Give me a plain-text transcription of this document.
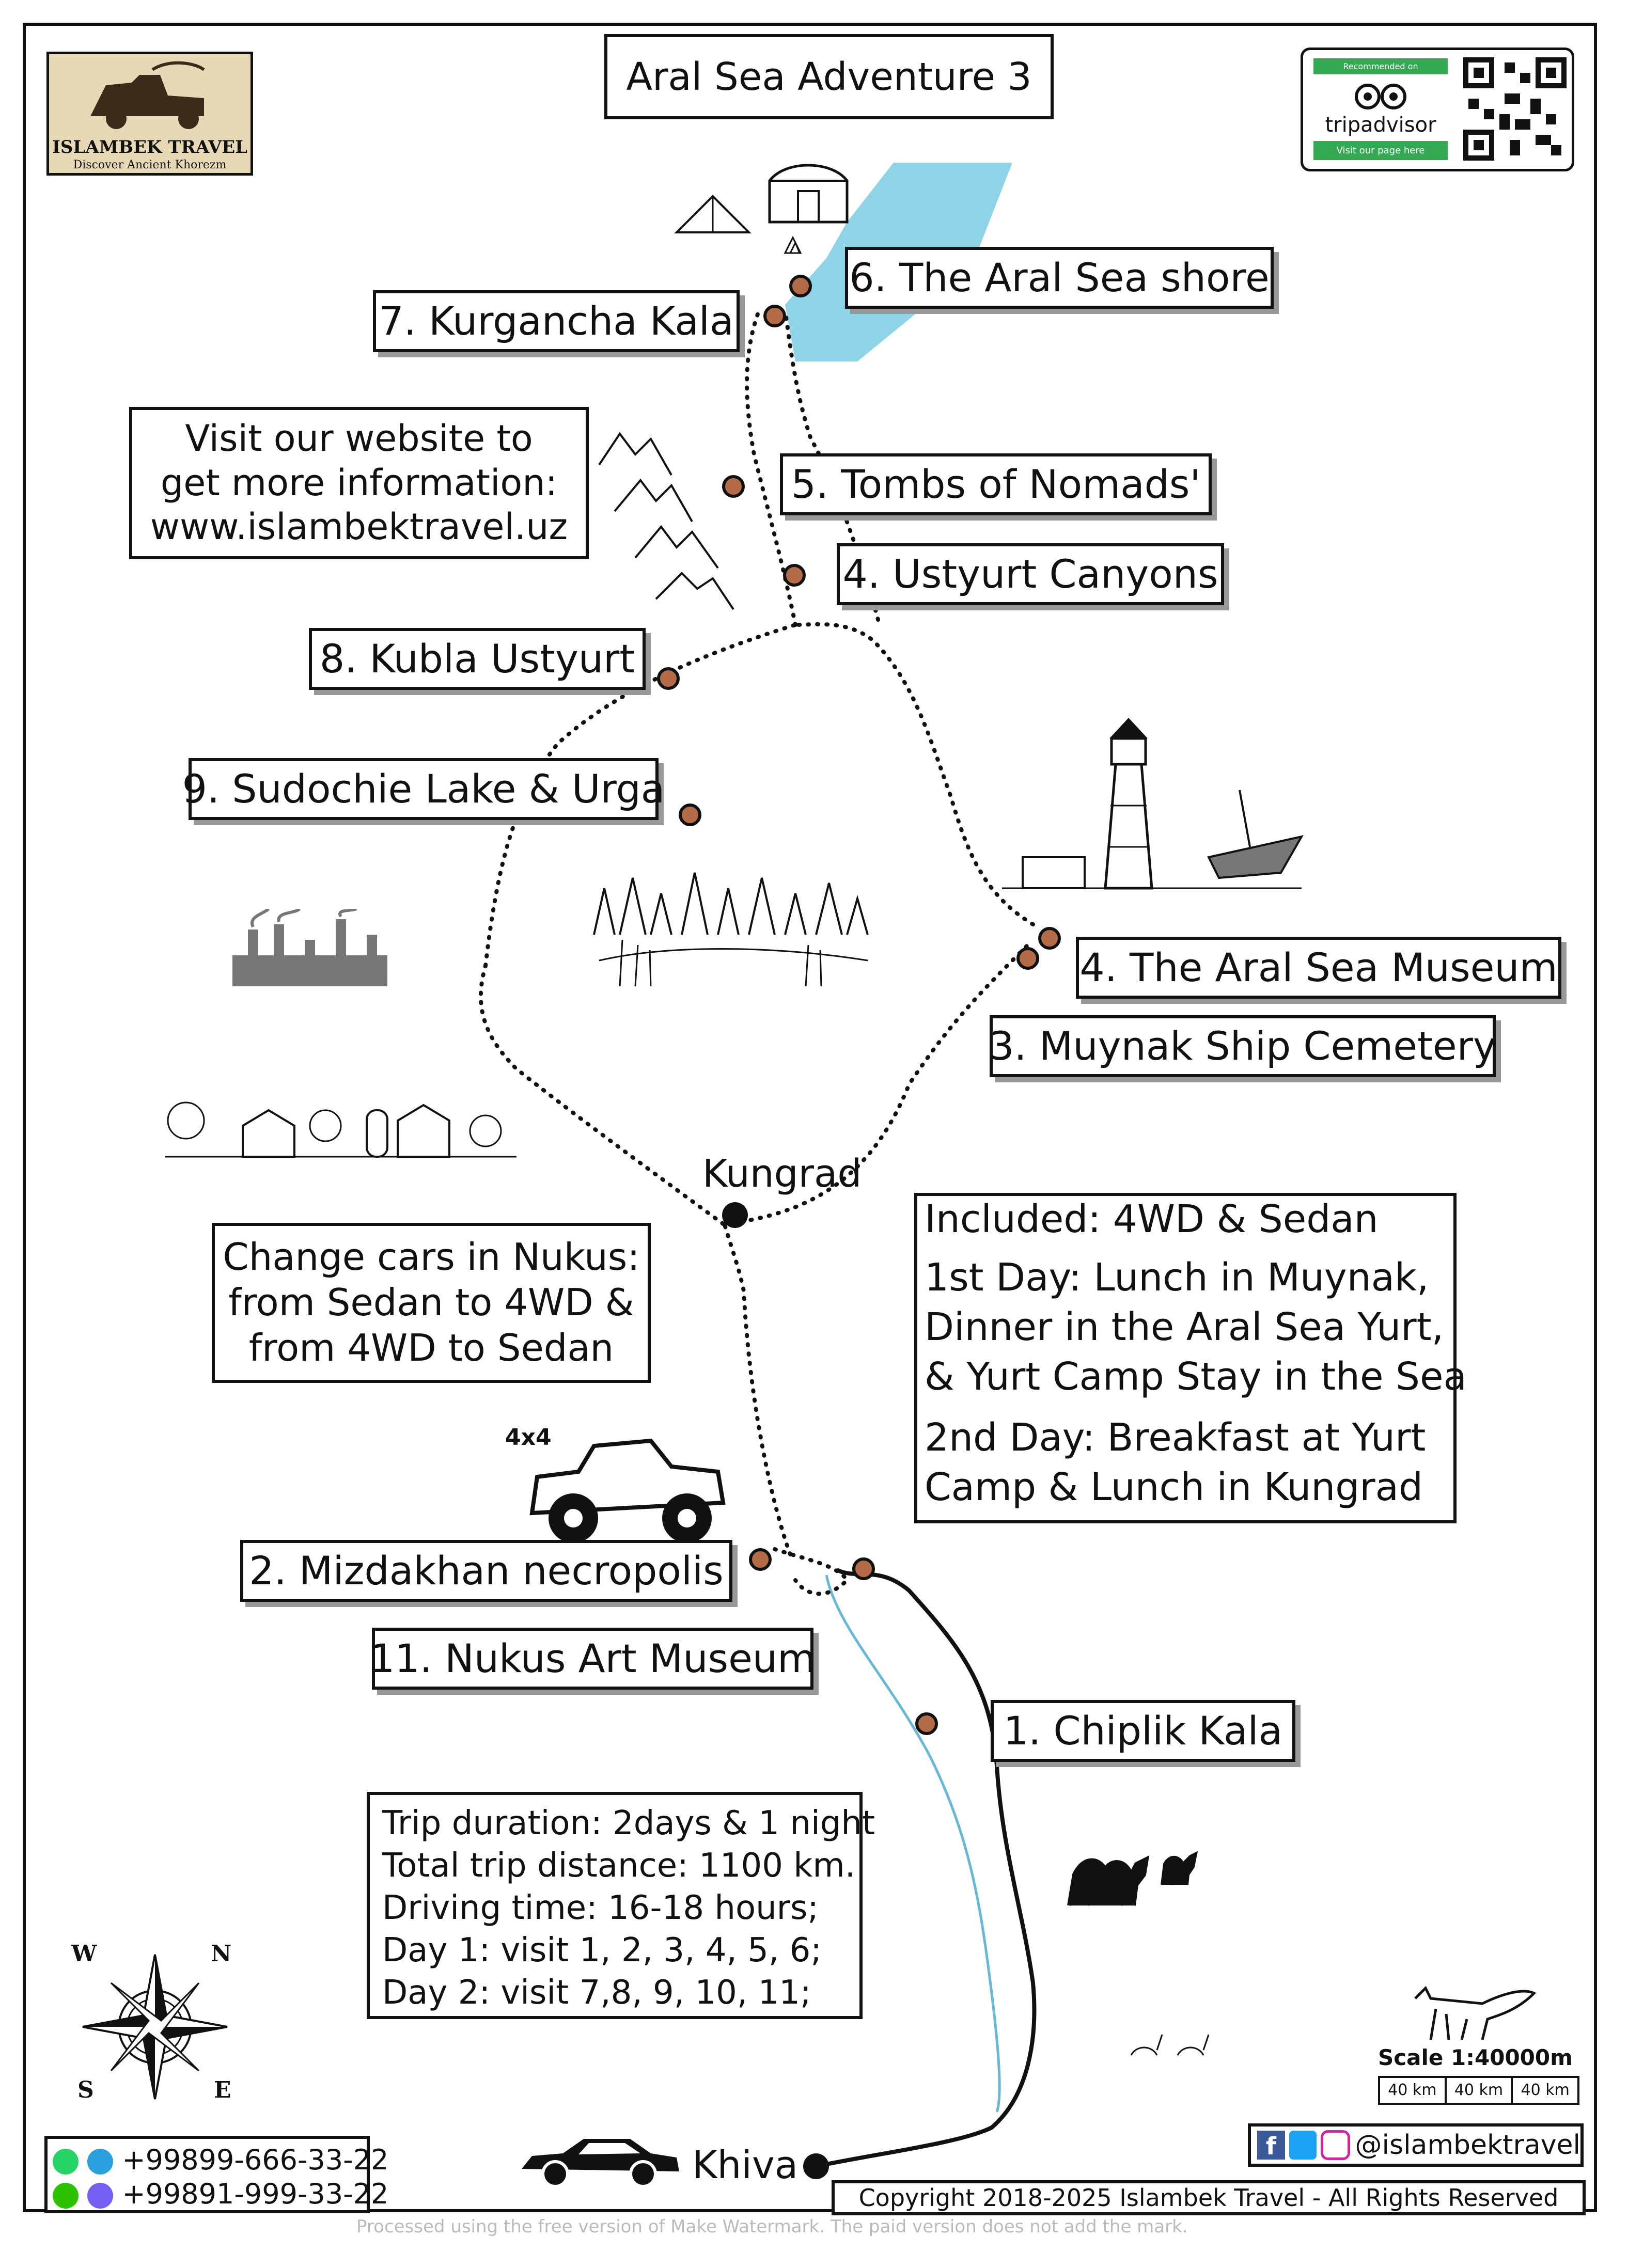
ISLAMBEK TRAVEL
Discover Ancient Khorezm
Aral Sea Adventure 3	Recommended on
tripadvisor
Visit our page here
4x4
Visit our website to
get more information:
www.islambektravel.uz
6. The Aral Sea shore
7. Kurgancha Kala
5. Tombs of Nomads'
4. Ustyurt Canyons
8. Kubla Ustyurt
9. Sudochie Lake & Urga
4. The Aral Sea Museum
3. Muynak Ship Cemetery
2. Mizdakhan necropolis
11. Nukus Art Museum
1. Chiplik Kala
Kungrad
Khiva
Change cars in Nukus:
from Sedan to 4WD &
from 4WD to Sedan
Included: 4WD & Sedan
1st Day: Lunch in Muynak,
Dinner in the Aral Sea Yurt,
& Yurt Camp Stay in the Sea
2nd Day: Breakfast at Yurt
Camp & Lunch in Kungrad
Trip duration: 2days & 1 night
Total trip distance: 1100 km.
Driving time: 16-18 hours;
Day 1: visit 1, 2, 3, 4, 5, 6;
Day 2: visit 7,8, 9, 10, 11;
W	N
S	E
Scale 1:40000m
40 km	40 km	40 km
f	@islambektravel
+99899-666-33-22
+99891-999-33-22	Copyright 2018-2025 Islambek Travel - All Rights Reserved
Processed using the free version of Make Watermark. The paid version does not add the mark.
